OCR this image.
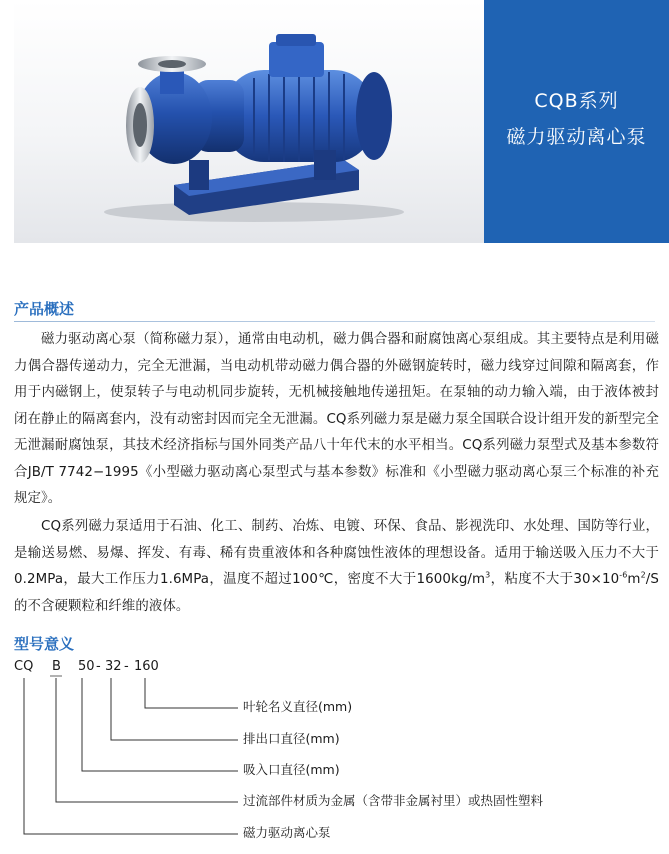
CQB系列
磁力驱动离心泵
产品概述

磁力驱动离心泵（简称磁力泵），通常由电动机，磁力偶合器和耐腐蚀离心泵组成。其主要特点是利用磁力偶合器传递动力，完全无泄漏，当电动机带动磁力偶合器的外磁钢旋转时，磁力线穿过间隙和隔离套，作用于内磁钢上，使泵转子与电动机同步旋转，无机械接触地传递扭矩。在泵轴的动力输入端，由于液体被封闭在静止的隔离套内，没有动密封因而完全无泄漏。CQ系列磁力泵是磁力泵全国联合设计组开发的新型完全无泄漏耐腐蚀泵，其技术经济指标与国外同类产品八十年代末的水平相当。CQ系列磁力泵型式及基本参数符合JB/T 7742−1995《小型磁力驱动离心泵型式与基本参数》标准和《小型磁力驱动离心泵三个标准的补充规定》。

CQ系列磁力泵适用于石油、化工、制药、冶炼、电镀、环保、食品、影视洗印、水处理、国防等行业，是输送易燃、易爆、挥发、有毒、稀有贵重液体和各种腐蚀性液体的理想设备。适用于输送吸入压力不大于0.2MPa，最大工作压力1.6MPa，温度不超过100℃，密度不大于$1600kg/m^3$，粘度不大于$30\times 10^{-6}m^2/S$的不含硬颗粒和纤维的液体。

型号意义
CQ B 50 - 32 - 160
叶轮名义直径(mm)
排出口直径(mm)
吸入口直径(mm)
过流部件材质为金属（含带非金属衬里）或热固性塑料
磁力驱动离心泵
